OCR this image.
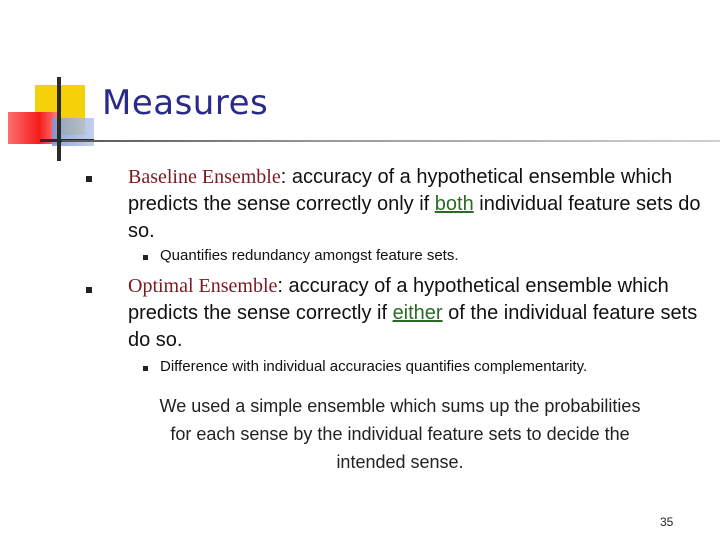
Measures
Baseline Ensemble: accuracy of a hypothetical ensemble which predicts the sense correctly only if both individual feature sets do so.
Quantifies redundancy amongst feature sets.
Optimal Ensemble: accuracy of a hypothetical ensemble which predicts the sense correctly if either of the individual feature sets do so.
Difference with individual accuracies quantifies complementarity.
We used a simple ensemble which sums up the probabilities for each sense by the individual feature sets to decide the intended sense.
35
